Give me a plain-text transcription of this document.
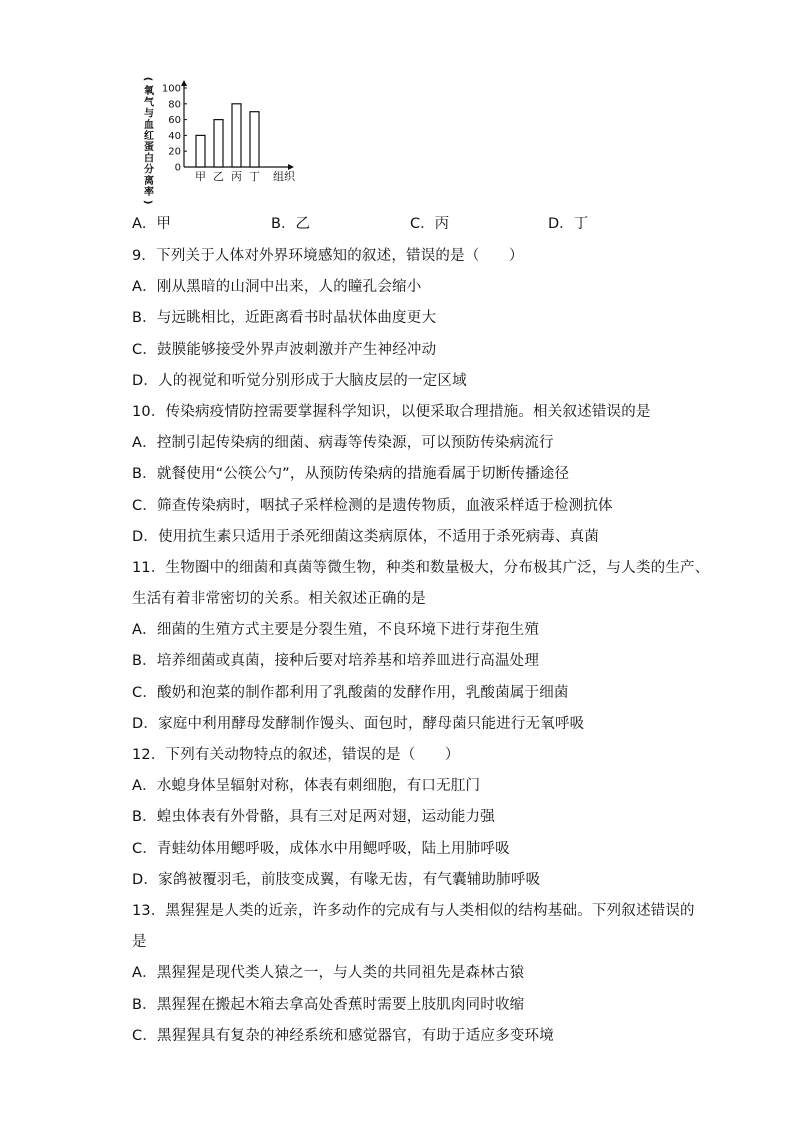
(
氧
气
与
血
红
蛋
白
分
离
率
)
0
20
40
60
80
100
甲 乙 丙 丁 组织
A．甲	B．乙	C．丙	D．丁
9．下列关于人体对外界环境感知的叙述，错误的是（　　）
A．刚从黑暗的山洞中出来，人的瞳孔会缩小
B．与远眺相比，近距离看书时晶状体曲度更大
C．鼓膜能够接受外界声波刺激并产生神经冲动
D．人的视觉和听觉分别形成于大脑皮层的一定区域
10．传染病疫情防控需要掌握科学知识，以便采取合理措施。相关叙述错误的是
A．控制引起传染病的细菌、病毒等传染源，可以预防传染病流行
B．就餐使用“公筷公勺”，从预防传染病的措施看属于切断传播途径
C．筛查传染病时，咽拭子采样检测的是遗传物质，血液采样适于检测抗体
D．使用抗生素只适用于杀死细菌这类病原体，不适用于杀死病毒、真菌
11．生物圈中的细菌和真菌等微生物，种类和数量极大，分布极其广泛，与人类的生产、
生活有着非常密切的关系。相关叙述正确的是
A．细菌的生殖方式主要是分裂生殖，不良环境下进行芽孢生殖
B．培养细菌或真菌，接种后要对培养基和培养皿进行高温处理
C．酸奶和泡菜的制作都利用了乳酸菌的发酵作用，乳酸菌属于细菌
D．家庭中利用酵母发酵制作馒头、面包时，酵母菌只能进行无氧呼吸
12．下列有关动物特点的叙述，错误的是（　　）
A．水螅身体呈辐射对称，体表有刺细胞，有口无肛门
B．蝗虫体表有外骨骼，具有三对足两对翅，运动能力强
C．青蛙幼体用鳃呼吸，成体水中用鳃呼吸，陆上用肺呼吸
D．家鸽被覆羽毛，前肢变成翼，有喙无齿，有气囊辅助肺呼吸
13．黑猩猩是人类的近亲，许多动作的完成有与人类相似的结构基础。下列叙述错误的
是
A．黑猩猩是现代类人猿之一，与人类的共同祖先是森林古猿
B．黑猩猩在搬起木箱去拿高处香蕉时需要上肢肌肉同时收缩
C．黑猩猩具有复杂的神经系统和感觉器官，有助于适应多变环境
